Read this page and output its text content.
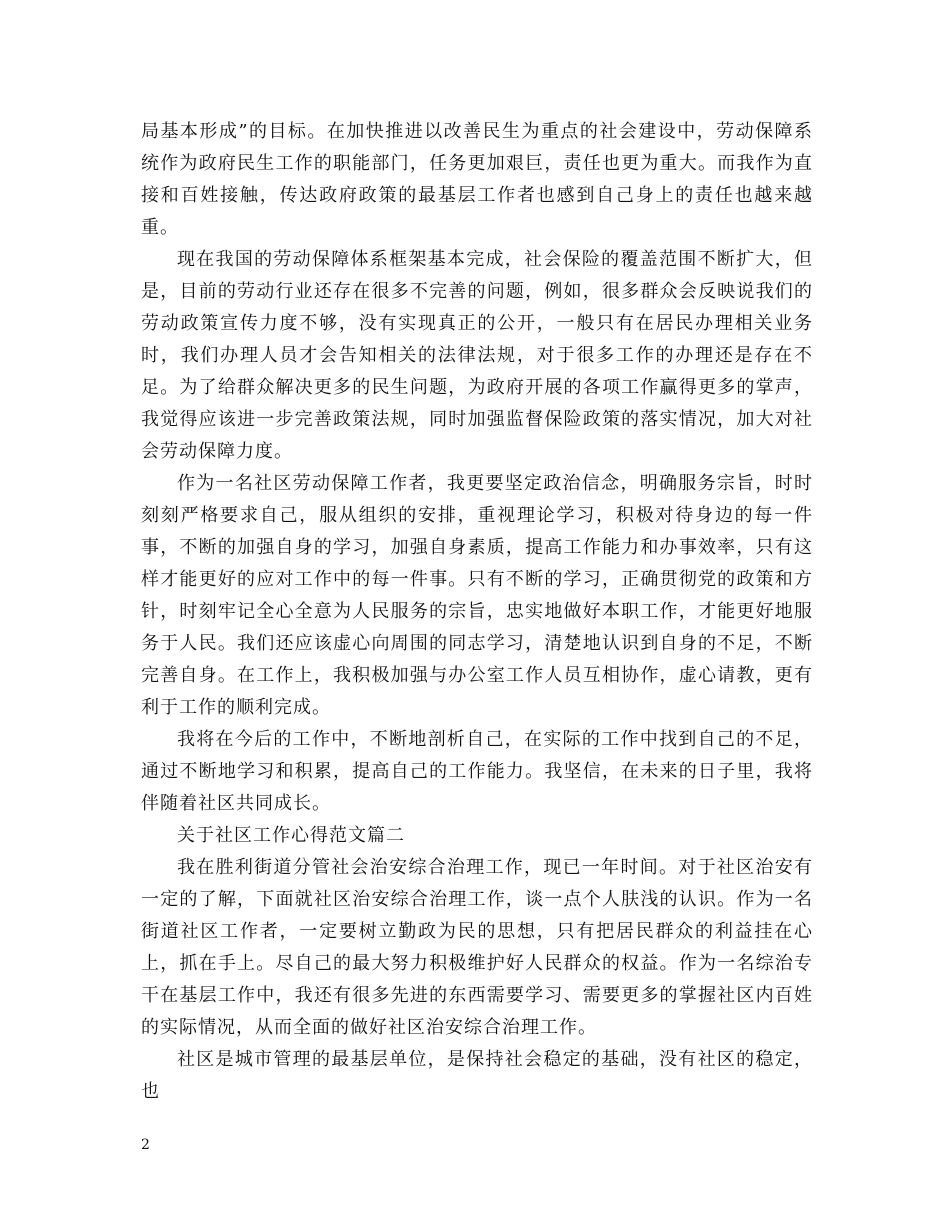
局基本形成”的目标。在加快推进以改善民生为重点的社会建设中，劳动保障系统作为政府民生工作的职能部门，任务更加艰巨，责任也更为重大。而我作为直接和百姓接触，传达政府政策的最基层工作者也感到自己身上的责任也越来越重。

现在我国的劳动保障体系框架基本完成，社会保险的覆盖范围不断扩大，但是，目前的劳动行业还存在很多不完善的问题，例如，很多群众会反映说我们的劳动政策宣传力度不够，没有实现真正的公开，一般只有在居民办理相关业务时，我们办理人员才会告知相关的法律法规，对于很多工作的办理还是存在不足。为了给群众解决更多的民生问题，为政府开展的各项工作赢得更多的掌声，我觉得应该进一步完善政策法规，同时加强监督保险政策的落实情况，加大对社会劳动保障力度。

作为一名社区劳动保障工作者，我更要坚定政治信念，明确服务宗旨，时时刻刻严格要求自己，服从组织的安排，重视理论学习，积极对待身边的每一件事，不断的加强自身的学习，加强自身素质，提高工作能力和办事效率，只有这样才能更好的应对工作中的每一件事。只有不断的学习，正确贯彻党的政策和方针，时刻牢记全心全意为人民服务的宗旨，忠实地做好本职工作，才能更好地服务于人民。我们还应该虚心向周围的同志学习，清楚地认识到自身的不足，不断完善自身。在工作上，我积极加强与办公室工作人员互相协作，虚心请教，更有利于工作的顺利完成。

我将在今后的工作中，不断地剖析自己，在实际的工作中找到自己的不足，通过不断地学习和积累，提高自己的工作能力。我坚信，在未来的日子里，我将伴随着社区共同成长。

关于社区工作心得范文篇二

我在胜利街道分管社会治安综合治理工作，现已一年时间。对于社区治安有一定的了解，下面就社区治安综合治理工作，谈一点个人肤浅的认识。作为一名街道社区工作者，一定要树立勤政为民的思想，只有把居民群众的利益挂在心上，抓在手上。尽自己的最大努力积极维护好人民群众的权益。作为一名综治专干在基层工作中，我还有很多先进的东西需要学习、需要更多的掌握社区内百姓的实际情况，从而全面的做好社区治安综合治理工作。

社区是城市管理的最基层单位，是保持社会稳定的基础，没有社区的稳定，也

2
